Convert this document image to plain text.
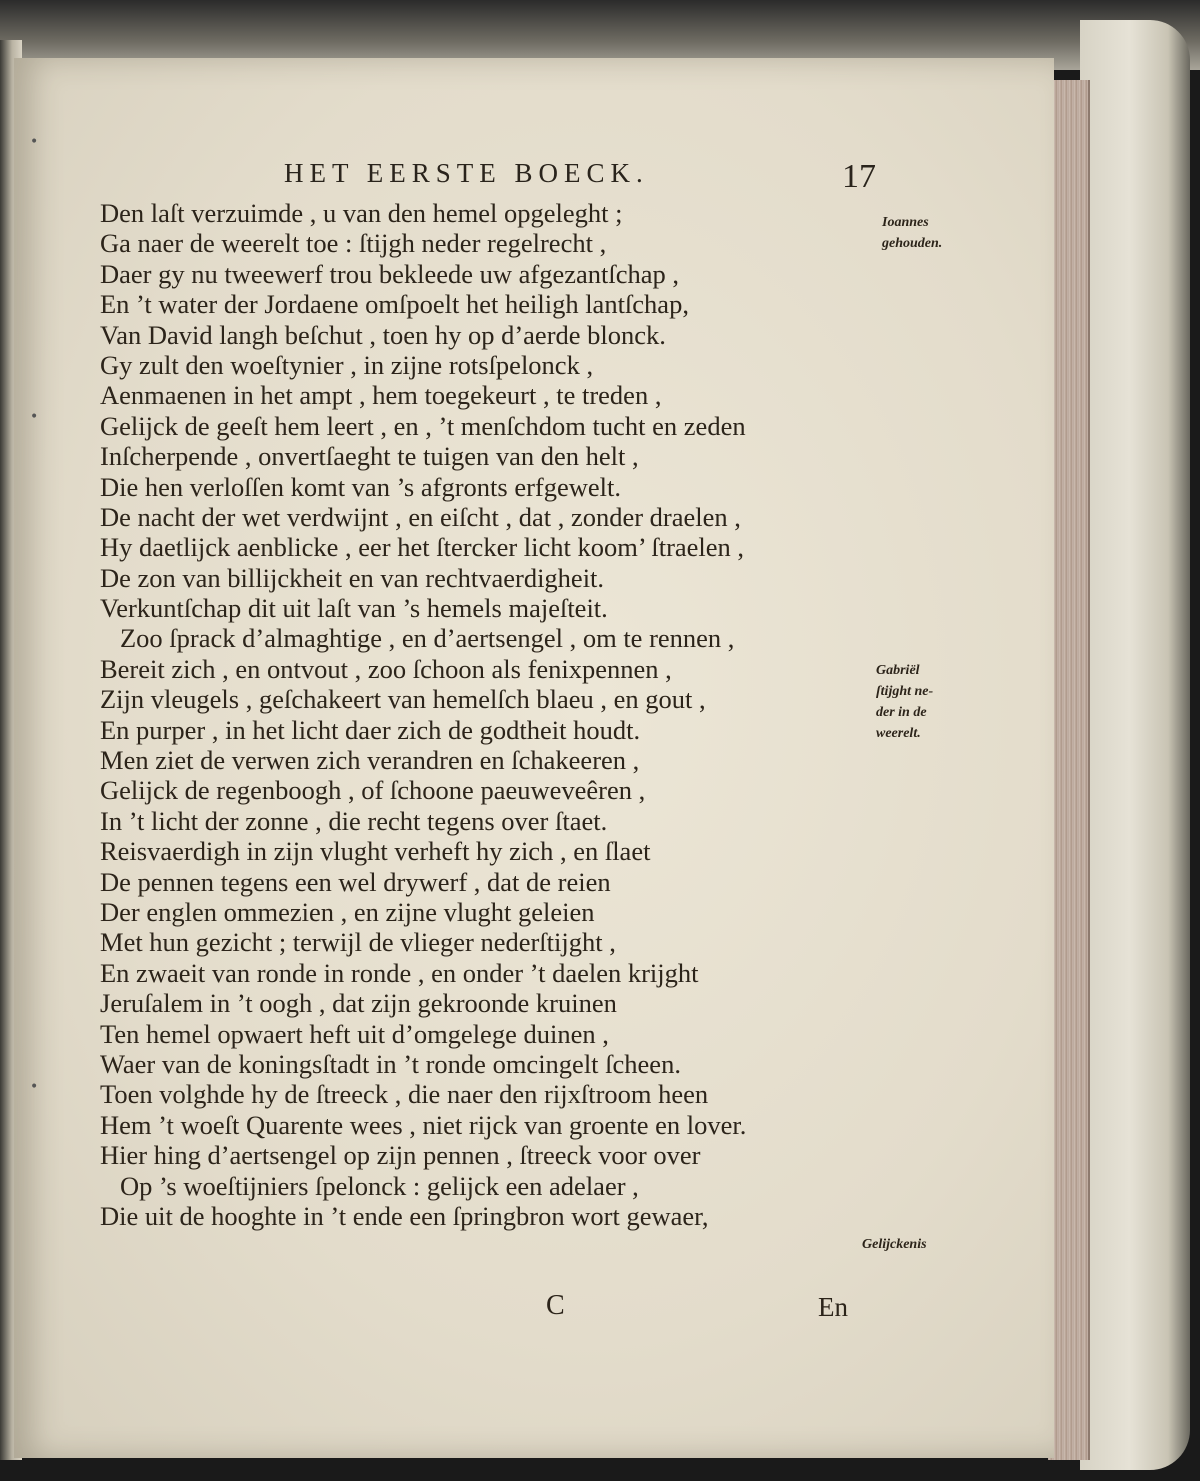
•
•
•
HET EERSTE BOECK.	17
Den laſt verzuimde , u van den hemel opgeleght ;
Ga naer de weerelt toe : ſtijgh neder regelrecht ,
Daer gy nu tweewerf trou bekleede uw afgezantſchap ,
En ’t water der Jordaene omſpoelt het heiligh lantſchap,
Van David langh beſchut , toen hy op d’aerde blonck.
Gy zult den woeſtynier , in zijne rotsſpelonck ,
Aenmaenen in het ampt , hem toegekeurt , te treden ,
Gelijck de geeſt hem leert , en , ’t menſchdom tucht en zeden
Inſcherpende , onvertſaeght te tuigen van den helt ,
Die hen verloſſen komt van ’s afgronts erfgewelt.
De nacht der wet verdwijnt , en eiſcht , dat , zonder draelen ,
Hy daetlijck aenblicke , eer het ſtercker licht koom’ ſtraelen ,
De zon van billijckheit en van rechtvaerdigheit.
Verkuntſchap dit uit laſt van ’s hemels majeſteit.
Zoo ſprack d’almaghtige , en d’aertsengel , om te rennen ,
Bereit zich , en ontvout , zoo ſchoon als fenixpennen ,
Zijn vleugels , geſchakeert van hemelſch blaeu , en gout ,
En purper , in het licht daer zich de godtheit houdt.
Men ziet de verwen zich verandren en ſchakeeren ,
Gelijck de regenboogh , of ſchoone paeuweveêren ,
In ’t licht der zonne , die recht tegens over ſtaet.
Reisvaerdigh in zijn vlught verheft hy zich , en ſlaet
De pennen tegens een wel drywerf , dat de reien
Der englen ommezien , en zijne vlught geleien
Met hun gezicht ; terwijl de vlieger nederſtijght ,
En zwaeit van ronde in ronde , en onder ’t daelen krijght
Jeruſalem in ’t oogh , dat zijn gekroonde kruinen
Ten hemel opwaert heft uit d’omgelege duinen ,
Waer van de koningsſtadt in ’t ronde omcingelt ſcheen.
Toen volghde hy de ſtreeck , die naer den rijxſtroom heen
Hem ’t woeſt Quarente wees , niet rijck van groente en lover.
Hier hing d’aertsengel op zijn pennen , ſtreeck voor over
Op ’s woeſtijniers ſpelonck : gelijck een adelaer ,
Die uit de hooghte in ’t ende een ſpringbron wort gewaer,
Ioannes
gehouden.
Gabriël
ſtijght ne-
der in de
weerelt.
Gelijckenis
C	En
